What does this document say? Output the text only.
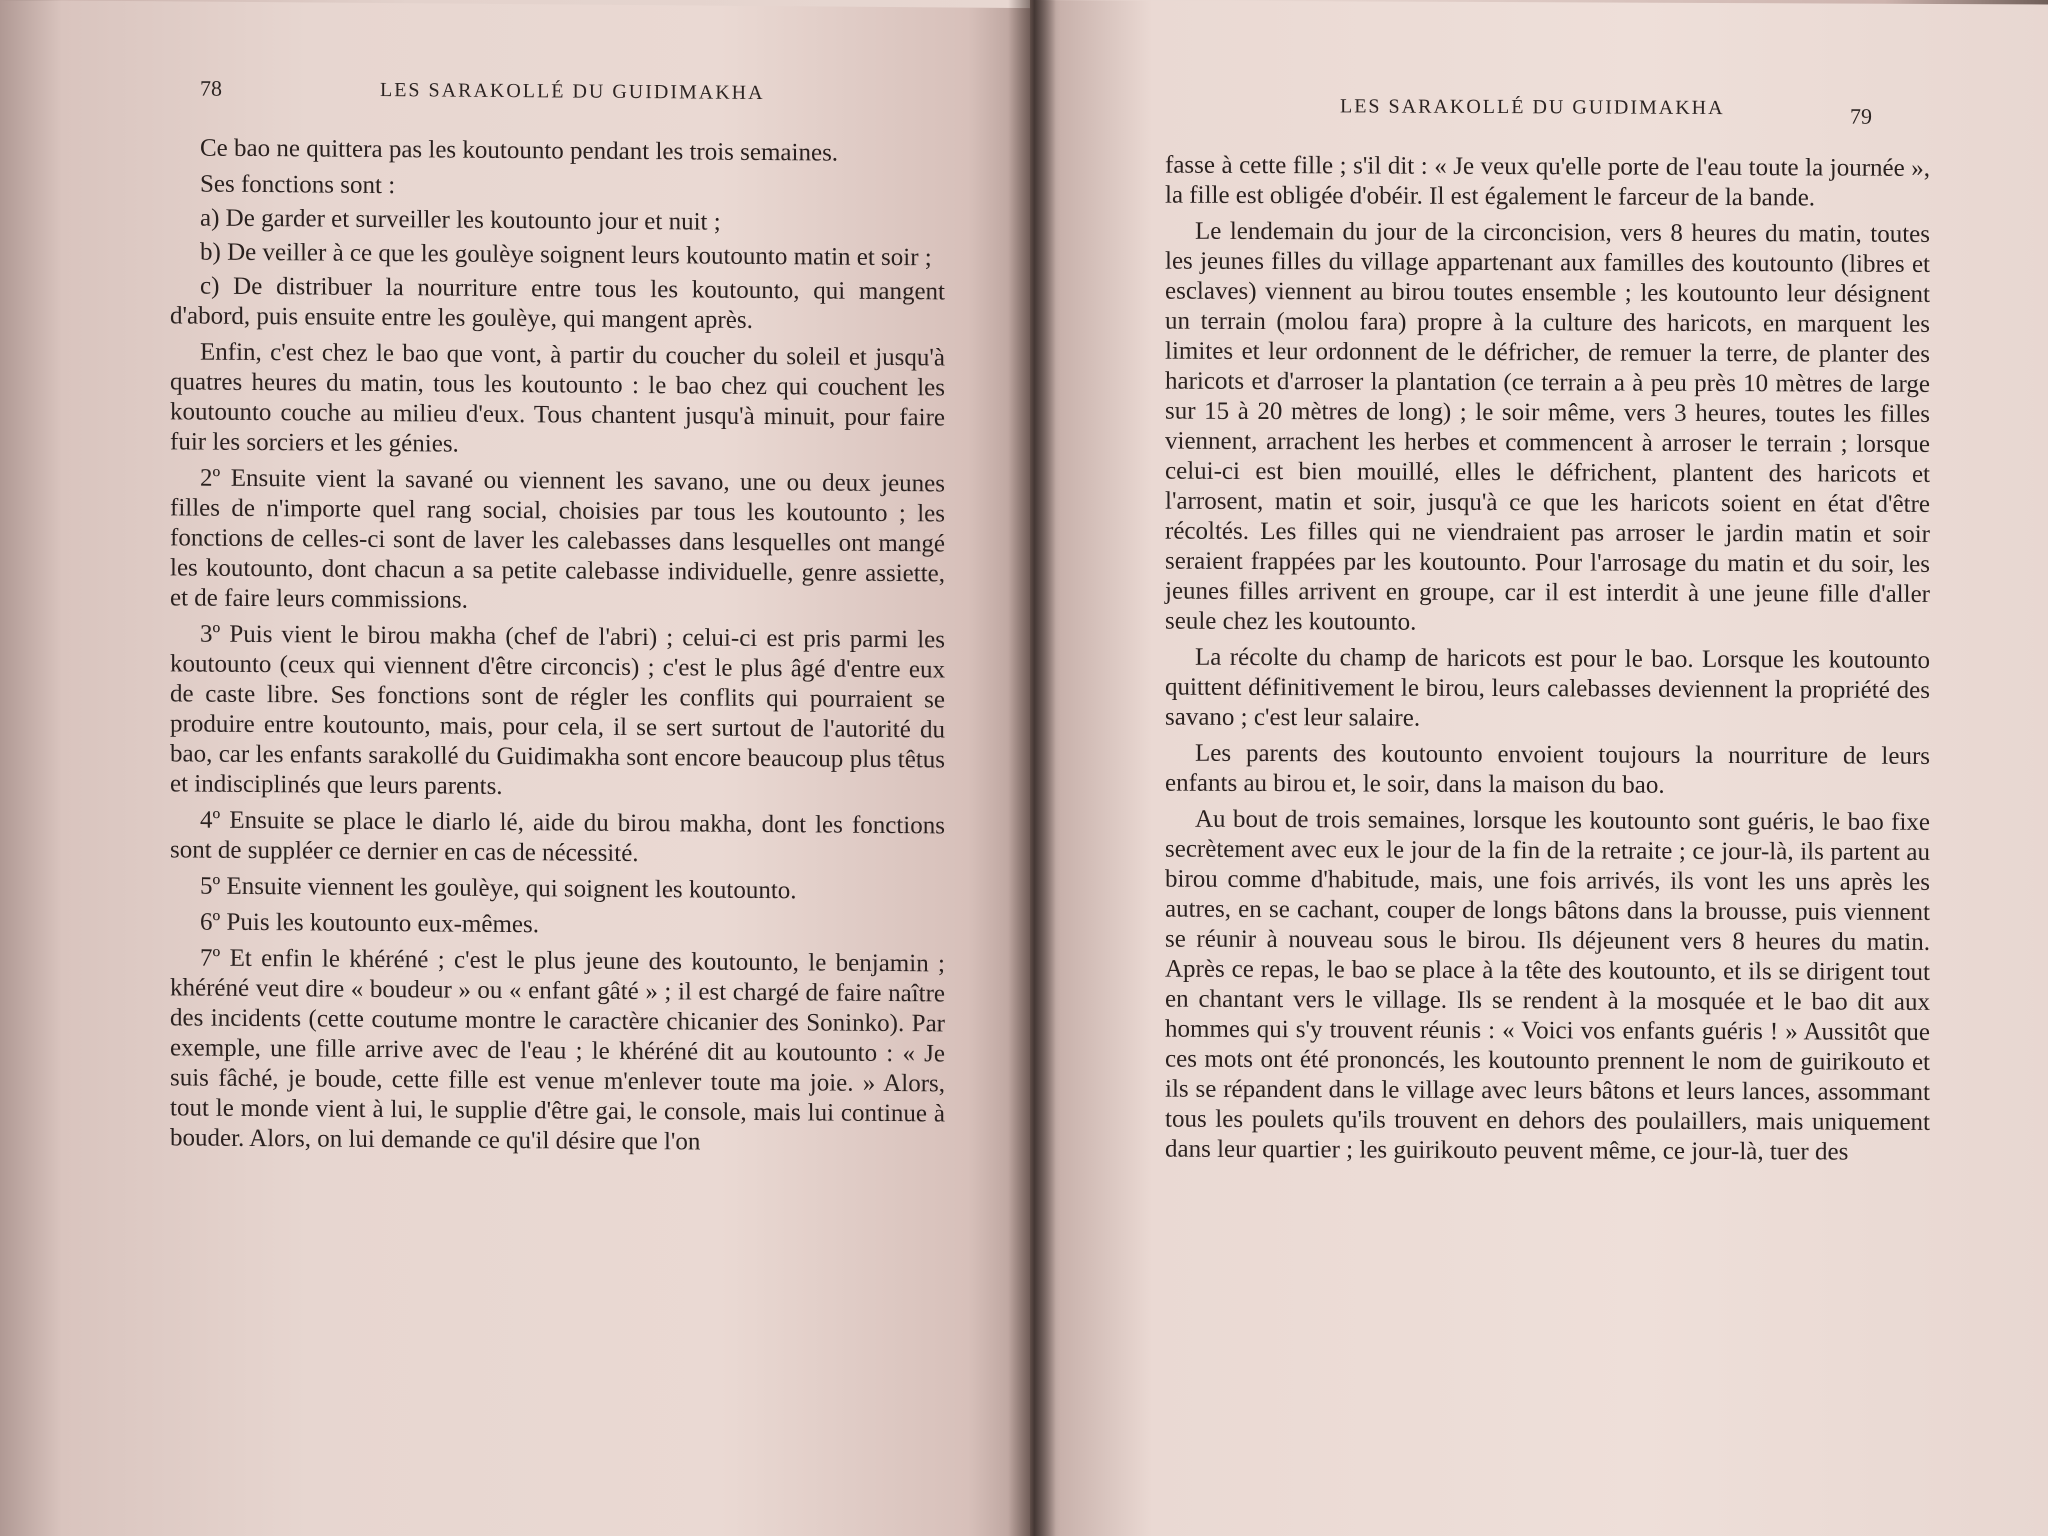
78	LES SARAKOLLÉ DU GUIDIMAKHA

Ce bao ne quittera pas les koutounto pendant les trois semaines.

Ses fonctions sont :

a) De garder et surveiller les koutounto jour et nuit ;

b) De veiller à ce que les goulèye soignent leurs koutounto matin et soir ;

c) De distribuer la nourriture entre tous les koutounto, qui mangent d'abord, puis ensuite entre les goulèye, qui mangent après.

Enfin, c'est chez le bao que vont, à partir du coucher du soleil et jusqu'à quatres heures du matin, tous les koutounto : le bao chez qui couchent les koutounto couche au milieu d'eux. Tous chantent jusqu'à minuit, pour faire fuir les sorciers et les génies.

2º Ensuite vient la savané ou viennent les savano, une ou deux jeunes filles de n'importe quel rang social, choisies par tous les koutounto ; les fonctions de celles-ci sont de laver les calebasses dans lesquelles ont mangé les koutounto, dont chacun a sa petite calebasse individuelle, genre assiette, et de faire leurs commissions.

3º Puis vient le birou makha (chef de l'abri) ; celui-ci est pris parmi les koutounto (ceux qui viennent d'être circoncis) ; c'est le plus âgé d'entre eux de caste libre. Ses fonctions sont de régler les conflits qui pourraient se produire entre koutounto, mais, pour cela, il se sert surtout de l'autorité du bao, car les enfants sarakollé du Guidimakha sont encore beaucoup plus têtus et indisciplinés que leurs parents.

4º Ensuite se place le diarlo lé, aide du birou makha, dont les fonctions sont de suppléer ce dernier en cas de nécessité.

5º Ensuite viennent les goulèye, qui soignent les koutounto.

6º Puis les koutounto eux-mêmes.

7º Et enfin le khéréné ; c'est le plus jeune des koutounto, le benjamin ; khéréné veut dire « boudeur » ou « enfant gâté » ; il est chargé de faire naître des incidents (cette coutume montre le caractère chicanier des Soninko). Par exemple, une fille arrive avec de l'eau ; le khéréné dit au koutounto : « Je suis fâché, je boude, cette fille est venue m'enlever toute ma joie. » Alors, tout le monde vient à lui, le supplie d'être gai, le console, mais lui continue à bouder. Alors, on lui demande ce qu'il désire que l'on

LES SARAKOLLÉ DU GUIDIMAKHA	79

fasse à cette fille ; s'il dit : « Je veux qu'elle porte de l'eau toute la journée », la fille est obligée d'obéir. Il est également le farceur de la bande.

Le lendemain du jour de la circoncision, vers 8 heures du matin, toutes les jeunes filles du village appartenant aux familles des koutounto (libres et esclaves) viennent au birou toutes ensemble ; les koutounto leur désignent un terrain (molou fara) propre à la culture des haricots, en marquent les limites et leur ordonnent de le défricher, de remuer la terre, de planter des haricots et d'arroser la plantation (ce terrain a à peu près 10 mètres de large sur 15 à 20 mètres de long) ; le soir même, vers 3 heures, toutes les filles viennent, arrachent les herbes et commencent à arroser le terrain ; lorsque celui-ci est bien mouillé, elles le défrichent, plantent des haricots et l'arrosent, matin et soir, jusqu'à ce que les haricots soient en état d'être récoltés. Les filles qui ne viendraient pas arroser le jardin matin et soir seraient frappées par les koutounto. Pour l'arrosage du matin et du soir, les jeunes filles arrivent en groupe, car il est interdit à une jeune fille d'aller seule chez les koutounto.

La récolte du champ de haricots est pour le bao. Lorsque les koutounto quittent définitivement le birou, leurs calebasses deviennent la propriété des savano ; c'est leur salaire.

Les parents des koutounto envoient toujours la nourriture de leurs enfants au birou et, le soir, dans la maison du bao.

Au bout de trois semaines, lorsque les koutounto sont guéris, le bao fixe secrètement avec eux le jour de la fin de la retraite ; ce jour-là, ils partent au birou comme d'habitude, mais, une fois arrivés, ils vont les uns après les autres, en se cachant, couper de longs bâtons dans la brousse, puis viennent se réunir à nouveau sous le birou. Ils déjeunent vers 8 heures du matin. Après ce repas, le bao se place à la tête des koutounto, et ils se dirigent tout en chantant vers le village. Ils se rendent à la mosquée et le bao dit aux hommes qui s'y trouvent réunis : « Voici vos enfants guéris ! » Aussitôt que ces mots ont été prononcés, les koutounto prennent le nom de guirikouto et ils se répandent dans le village avec leurs bâtons et leurs lances, assommant tous les poulets qu'ils trouvent en dehors des poulaillers, mais uniquement dans leur quartier ; les guirikouto peuvent même, ce jour-là, tuer des
